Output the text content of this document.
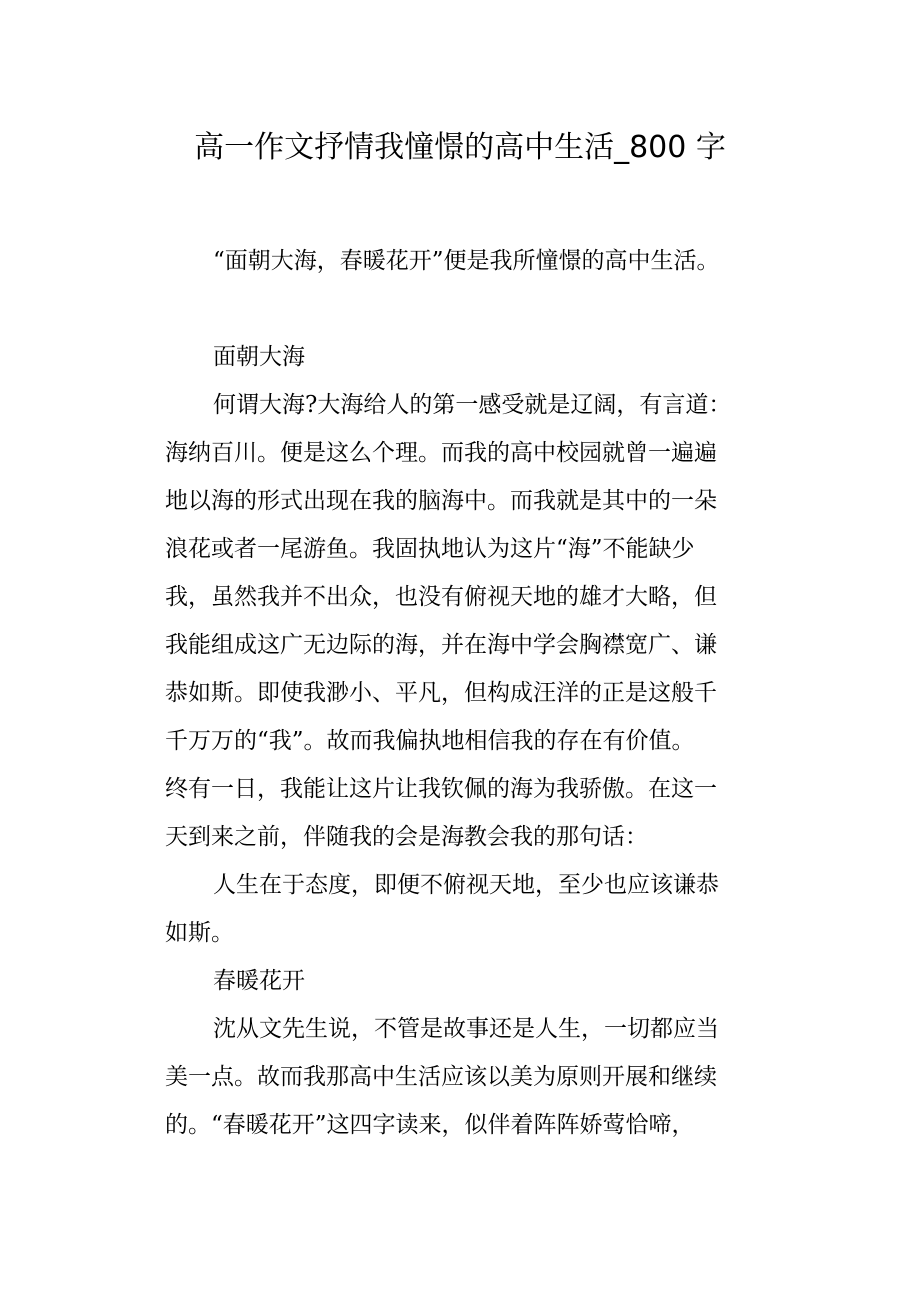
高一作文抒情我憧憬的高中生活_800 字

“面朝大海，春暖花开”便是我所憧憬的高中生活。

面朝大海

何谓大海?大海给人的第一感受就是辽阔，有言道：
海纳百川。便是这么个理。而我的高中校园就曾一遍遍
地以海的形式出现在我的脑海中。而我就是其中的一朵
浪花或者一尾游鱼。我固执地认为这片“海”不能缺少
我，虽然我并不出众，也没有俯视天地的雄才大略，但
我能组成这广无边际的海，并在海中学会胸襟宽广、谦
恭如斯。即使我渺小、平凡，但构成汪洋的正是这般千
千万万的“我”。故而我偏执地相信我的存在有价值。
终有一日，我能让这片让我钦佩的海为我骄傲。在这一
天到来之前，伴随我的会是海教会我的那句话：

人生在于态度，即便不俯视天地，至少也应该谦恭
如斯。

春暖花开

沈从文先生说，不管是故事还是人生，一切都应当
美一点。故而我那高中生活应该以美为原则开展和继续
的。“春暖花开”这四字读来，似伴着阵阵娇莺恰啼，
